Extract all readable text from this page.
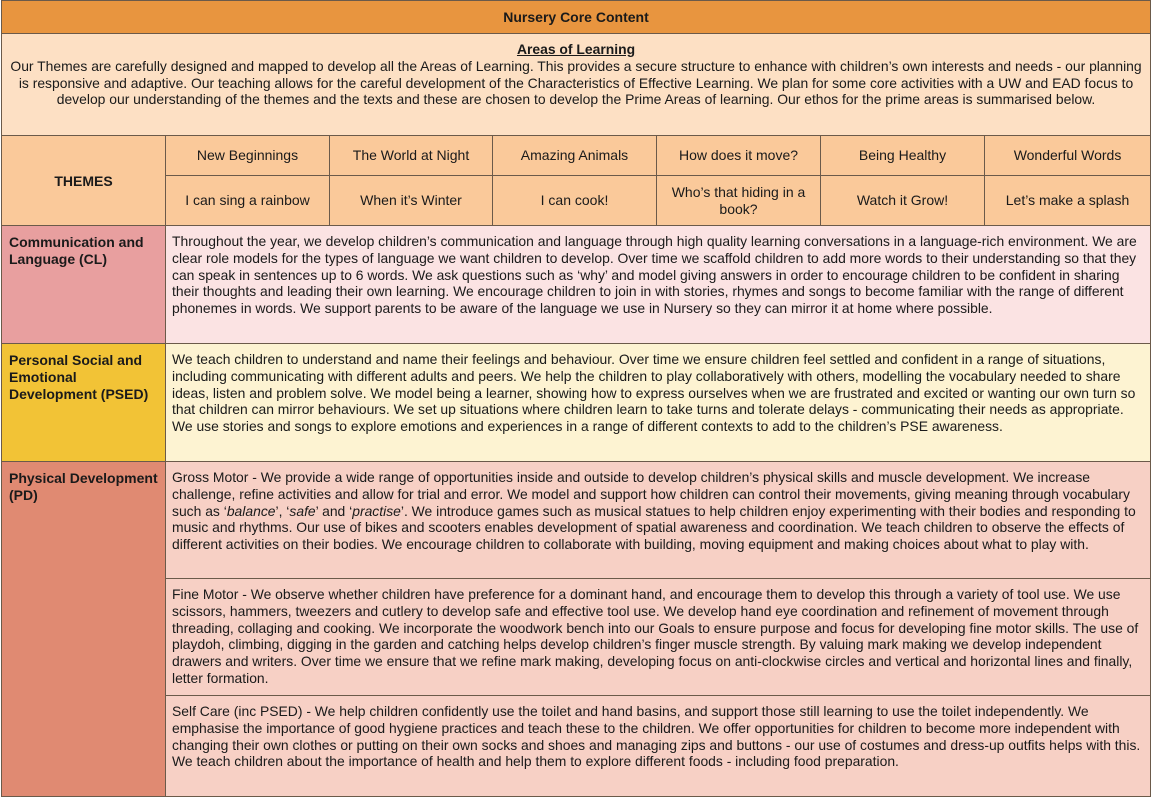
Nursery Core Content						

Areas of Learning
Our Themes are carefully designed and mapped to develop all the Areas of Learning. This provides a secure structure to enhance with children’s own interests and needs - our planning is responsive and adaptive. Our teaching allows for the careful development of the Characteristics of Effective Learning. We plan for some core activities with a UW and EAD focus to develop our understanding of the themes and the texts and these are chosen to develop the Prime Areas of learning. Our ethos for the prime areas is summarised below.						

THEMES	New Beginnings	The World at Night	Amazing Animals	How does it move?	Being Healthy	Wonderful Words
	I can sing a rainbow	When it’s Winter	I can cook!	Who’s that hiding in a book?	Watch it Grow!	Let’s make a splash
Communication and Language (CL)	Throughout the year, we develop children’s communication and language through high quality learning conversations in a language-rich environment. We are clear role models for the types of language we want children to develop. Over time we scaffold children to add more words to their understanding so that they can speak in sentences up to 6 words. We ask questions such as ‘why’ and model giving answers in order to encourage children to be confident in sharing their thoughts and leading their own learning. We encourage children to join in with stories, rhymes and songs to become familiar with the range of different phonemes in words. We support parents to be aware of the language we use in Nursery so they can mirror it at home where possible.					
Personal Social and Emotional Development (PSED)	We teach children to understand and name their feelings and behaviour. Over time we ensure children feel settled and confident in a range of situations, including communicating with different adults and peers. We help the children to play collaboratively with others, modelling the vocabulary needed to share ideas, listen and problem solve. We model being a learner, showing how to express ourselves when we are frustrated and excited or wanting our own turn so that children can mirror behaviours. We set up situations where children learn to take turns and tolerate delays - communicating their needs as appropriate. We use stories and songs to explore emotions and experiences in a range of different contexts to add to the children’s PSE awareness.					
Physical Development (PD)	Gross Motor - We provide a wide range of opportunities inside and outside to develop children’s physical skills and muscle development. We increase challenge, refine activities and allow for trial and error. We model and support how children can control their movements, giving meaning through vocabulary such as ‘balance’, ‘safe’ and ‘practise’. We introduce games such as musical statues to help children enjoy experimenting with their bodies and responding to music and rhythms. Our use of bikes and scooters enables development of spatial awareness and coordination. We teach children to observe the effects of different activities on their bodies. We encourage children to collaborate with building, moving equipment and making choices about what to play with.					
	Fine Motor - We observe whether children have preference for a dominant hand, and encourage them to develop this through a variety of tool use. We use scissors, hammers, tweezers and cutlery to develop safe and effective tool use. We develop hand eye coordination and refinement of movement through threading, collaging and cooking. We incorporate the woodwork bench into our Goals to ensure purpose and focus for developing fine motor skills. The use of playdoh, climbing, digging in the garden and catching helps develop children’s finger muscle strength. By valuing mark making we develop independent drawers and writers. Over time we ensure that we refine mark making, developing focus on anti-clockwise circles and vertical and horizontal lines and finally, letter formation.					
	Self Care (inc PSED) - We help children confidently use the toilet and hand basins, and support those still learning to use the toilet independently. We emphasise the importance of good hygiene practices and teach these to the children. We offer opportunities for children to become more independent with changing their own clothes or putting on their own socks and shoes and managing zips and buttons - our use of costumes and dress-up outfits helps with this. We teach children about the importance of health and help them to explore different foods - including food preparation.					
